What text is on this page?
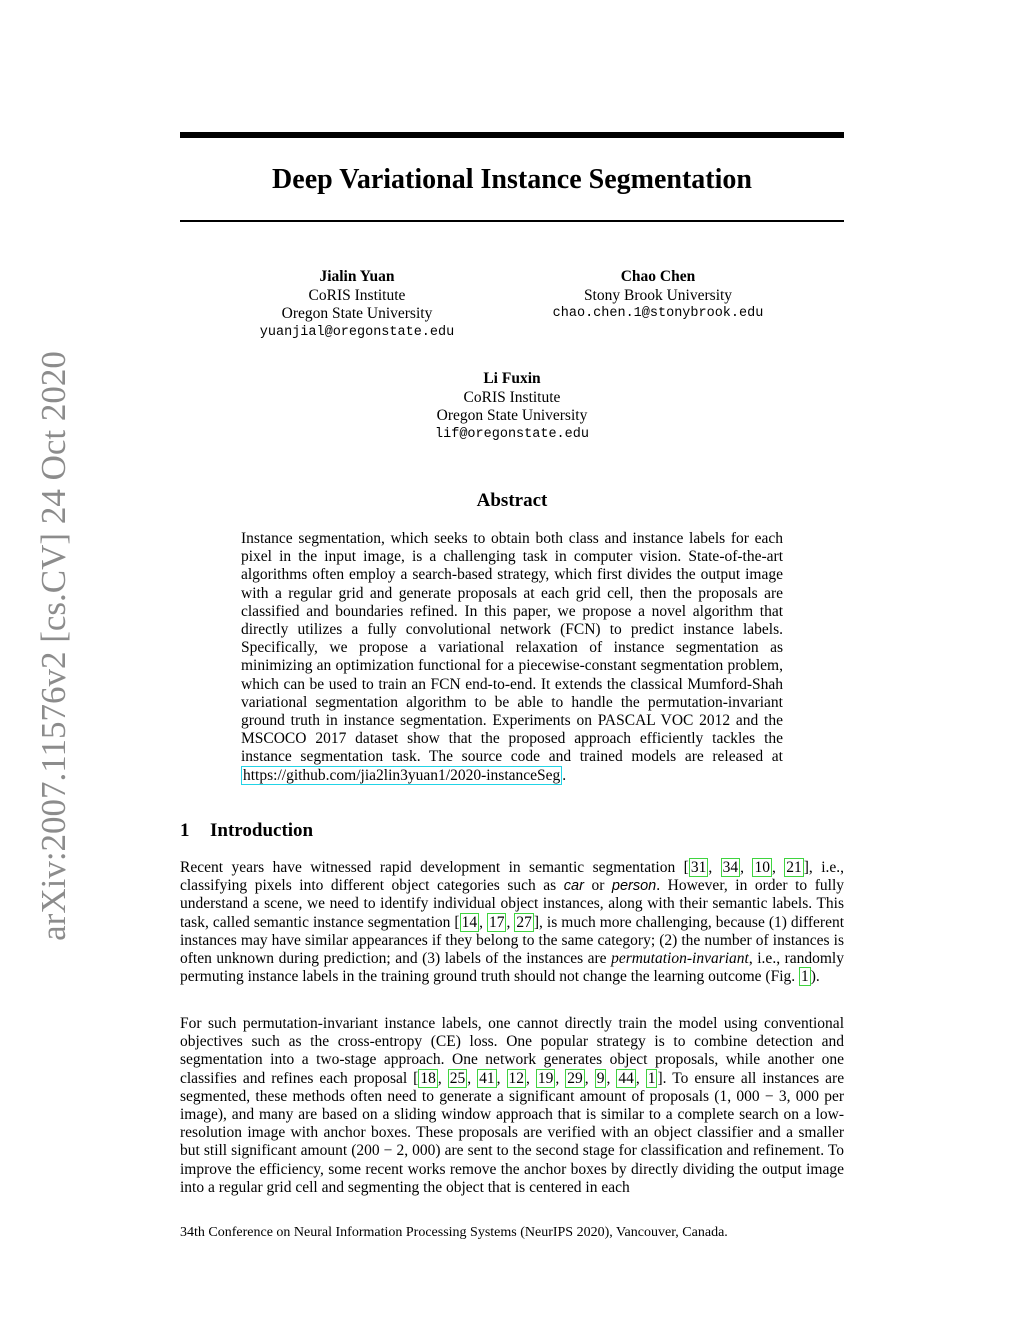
arXiv:2007.11576v2 [cs.CV] 24 Oct 2020
Deep Variational Instance Segmentation
Jialin Yuan
CoRIS Institute
Oregon State University
yuanjial@oregonstate.edu
Chao Chen
Stony Brook University
chao.chen.1@stonybrook.edu
Li Fuxin
CoRIS Institute
Oregon State University
lif@oregonstate.edu
Abstract
Instance segmentation, which seeks to obtain both class and instance labels for each pixel in the input image, is a challenging task in computer vision. State-of-the-art algorithms often employ a search-based strategy, which first divides the output image with a regular grid and generate proposals at each grid cell, then the proposals are classified and boundaries refined. In this paper, we propose a novel algorithm that directly utilizes a fully convolutional network (FCN) to predict instance labels. Specifically, we propose a variational relaxation of instance segmentation as minimizing an optimization functional for a piecewise-constant segmentation problem, which can be used to train an FCN end-to-end. It extends the classical Mumford-Shah variational segmentation algorithm to be able to handle the permutation-invariant ground truth in instance segmentation. Experiments on PASCAL VOC 2012 and the MSCOCO 2017 dataset show that the proposed approach efficiently tackles the instance segmentation task. The source code and trained models are released at https://github.com/jia2lin3yuan1/2020-instanceSeg .
1 Introduction
Recent years have witnessed rapid development in semantic segmentation [ 31 , 34 , 10 , 21 ], i.e., classifying pixels into different object categories such as car or person. However, in order to fully understand a scene, we need to identify individual object instances, along with their semantic labels. This task, called semantic instance segmentation [ 14 , 17 , 27 ], is much more challenging, because (1) different instances may have similar appearances if they belong to the same category; (2) the number of instances is often unknown during prediction; and (3) labels of the instances are permutation-invariant, i.e., randomly permuting instance labels in the training ground truth should not change the learning outcome (Fig. 1 ).
For such permutation-invariant instance labels, one cannot directly train the model using conventional objectives such as the cross-entropy (CE) loss. One popular strategy is to combine detection and segmentation into a two-stage approach. One network generates object proposals, while another one classifies and refines each proposal [ 18 , 25 , 41 , 12 , 19 , 29 , 9 , 44 , 1 ]. To ensure all instances are segmented, these methods often need to generate a significant amount of proposals (1, 000 − 3, 000 per image), and many are based on a sliding window approach that is similar to a complete search on a low-resolution image with anchor boxes. These proposals are verified with an object classifier and a smaller but still significant amount (200 − 2, 000) are sent to the second stage for classification and refinement. To improve the efficiency, some recent works remove the anchor boxes by directly dividing the output image into a regular grid cell and segmenting the object that is centered in each
34th Conference on Neural Information Processing Systems (NeurIPS 2020), Vancouver, Canada.
